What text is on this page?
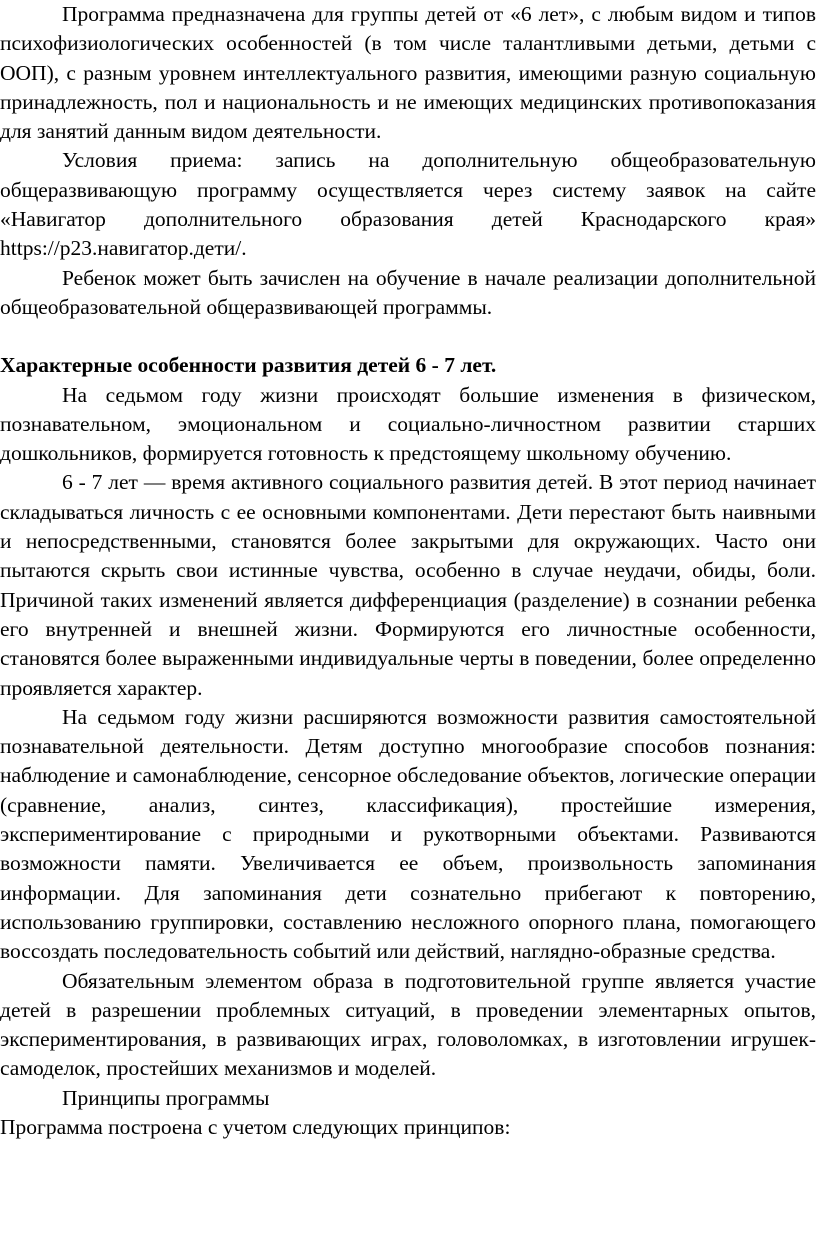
Программа предназначена для группы детей от «6 лет», с любым видом и типов психофизиологических особенностей (в том числе талантливыми детьми, детьми с ООП), с разным уровнем интеллектуального развития, имеющими разную социальную принадлежность, пол и национальность и не имеющих медицинских противопоказания для занятий данным видом деятельности.

Условия приема: запись на дополнительную общеобразовательную общеразвивающую программу осуществляется через систему заявок на сайте «Навигатор дополнительного образования детей Краснодарского края» https://p23.навигатор.дети/.

Ребенок может быть зачислен на обучение в начале реализации дополнительной общеобразовательной общеразвивающей программы.

Характерные особенности развития детей 6 - 7 лет.

На седьмом году жизни происходят большие изменения в физическом, познавательном, эмоциональном и социально-личностном развитии старших дошкольников, формируется готовность к предстоящему школьному обучению.

6 - 7 лет — время активного социального развития детей. В этот период начинает складываться личность с ее основными компонентами. Дети перестают быть наивными и непосредственными, становятся более закрытыми для окружающих. Часто они пытаются скрыть свои истинные чувства, особенно в случае неудачи, обиды, боли. Причиной таких изменений является дифференциация (разделение) в сознании ребенка его внутренней и внешней жизни. Формируются его личностные особенности, становятся более выраженными индивидуальные черты в поведении, более определенно проявляется характер.

На седьмом году жизни расширяются возможности развития самостоятельной познавательной деятельности. Детям доступно многообразие способов познания: наблюдение и самонаблюдение, сенсорное обследование объектов, логические операции (сравнение, анализ, синтез, классификация), простейшие измерения, экспериментирование с природными и рукотворными объектами. Развиваются возможности памяти. Увеличивается ее объем, произвольность запоминания информации. Для запоминания дети сознательно прибегают к повторению, использованию группировки, составлению несложного опорного плана, помогающего воссоздать последовательность событий или действий, наглядно-образные средства.

Обязательным элементом образа в подготовительной группе является участие детей в разрешении проблемных ситуаций, в проведении элементарных опытов, экспериментирования, в развивающих играх, головоломках, в изготовлении игрушек-самоделок, простейших механизмов и моделей.

Принципы программы

Программа построена с учетом следующих принципов:
